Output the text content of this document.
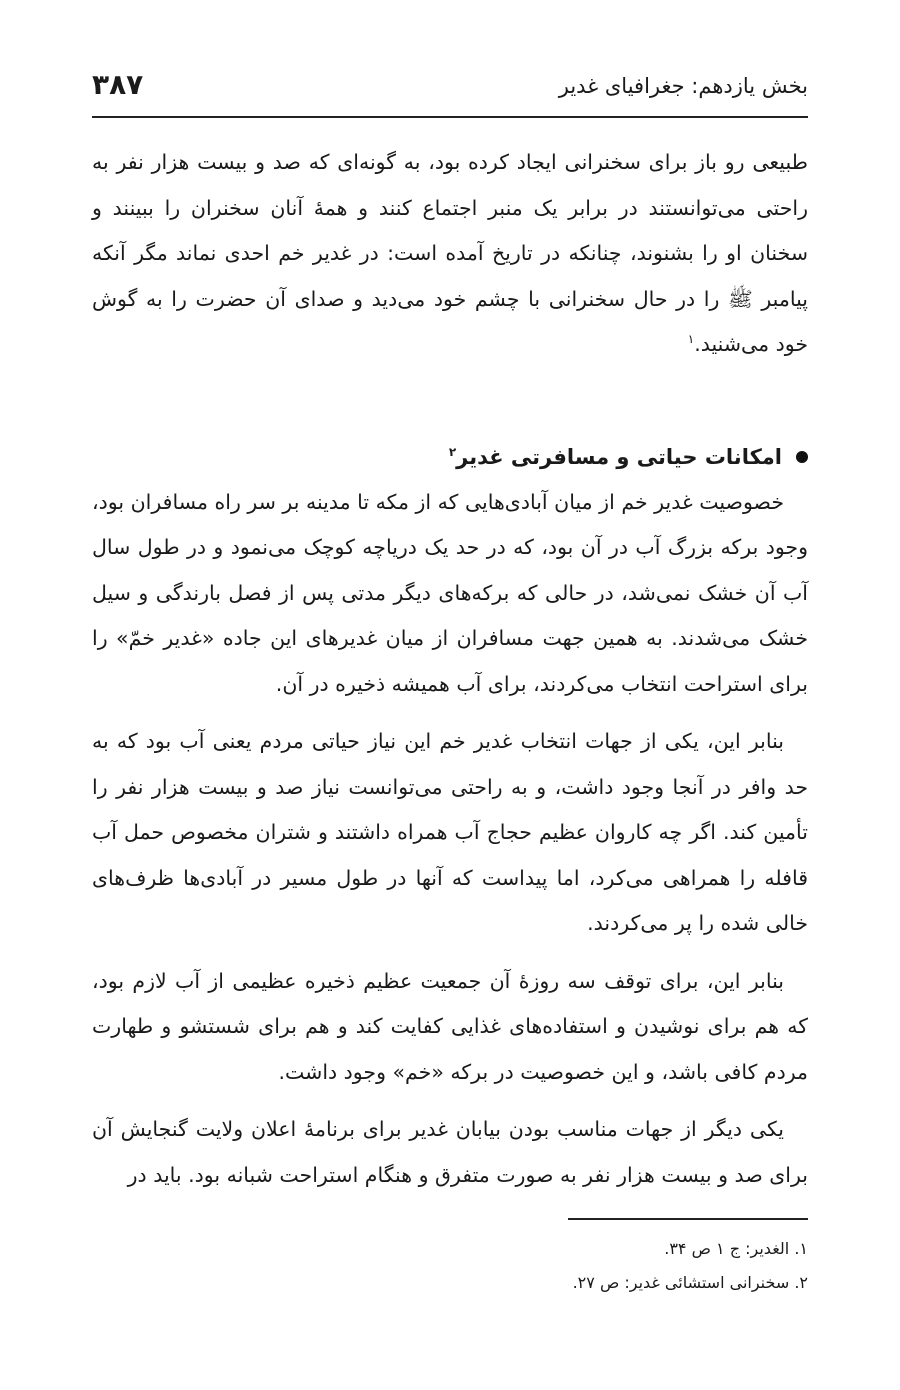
بخش یازدهم: جغرافیای غدیر
۳۸۷

طبیعی رو باز برای سخنرانی ایجاد کرده بود، به گونه‌ای که صد و بیست هزار نفر به راحتی می‌توانستند در برابر یک منبر اجتماع کنند و همهٔ آنان سخنران را ببینند و سخنان او را بشنوند، چنانکه در تاریخ آمده است: در غدیر خم احدی نماند مگر آنکه پیامبر ﷺ را در حال سخنرانی با چشم خود می‌دید و صدای آن حضرت را به گوش خود می‌شنید.$^۱$

امکانات حیاتی و مسافرتی غدیر$^۲$

خصوصیت غدیر خم از میان آبادی‌هایی که از مکه تا مدینه بر سر راه مسافران بود، وجود برکه بزرگ آب در آن بود، که در حد یک دریاچه کوچک می‌نمود و در طول سال آب آن خشک نمی‌شد، در حالی که برکه‌های دیگر مدتی پس از فصل بارندگی و سیل خشک می‌شدند. به همین جهت مسافران از میان غدیرهای این جاده «غدیر خمّ» را برای استراحت انتخاب می‌کردند، برای آب همیشه ذخیره در آن.

بنابر این، یکی از جهات انتخاب غدیر خم این نیاز حیاتی مردم یعنی آب بود که به حد وافر در آنجا وجود داشت، و به راحتی می‌توانست نیاز صد و بیست هزار نفر را تأمین کند. اگر چه کاروان عظیم حجاج آب همراه داشتند و شتران مخصوص حمل آب قافله را همراهی می‌کرد، اما پیداست که آنها در طول مسیر در آبادی‌ها ظرف‌های خالی شده را پر می‌کردند.

بنابر این، برای توقف سه روزهٔ آن جمعیت عظیم ذخیره عظیمی از آب لازم بود، که هم برای نوشیدن و استفاده‌های غذایی کفایت کند و هم برای شستشو و طهارت مردم کافی باشد، و این خصوصیت در برکه «خم» وجود داشت.

یکی دیگر از جهات مناسب بودن بیابان غدیر برای برنامهٔ اعلان ولایت گنجایش آن برای صد و بیست هزار نفر به صورت متفرق و هنگام استراحت شبانه بود. باید در

۱. الغدیر: ج ۱ ص ۳۴.
۲. سخنرانی استشائی غدیر: ص ۲۷.
